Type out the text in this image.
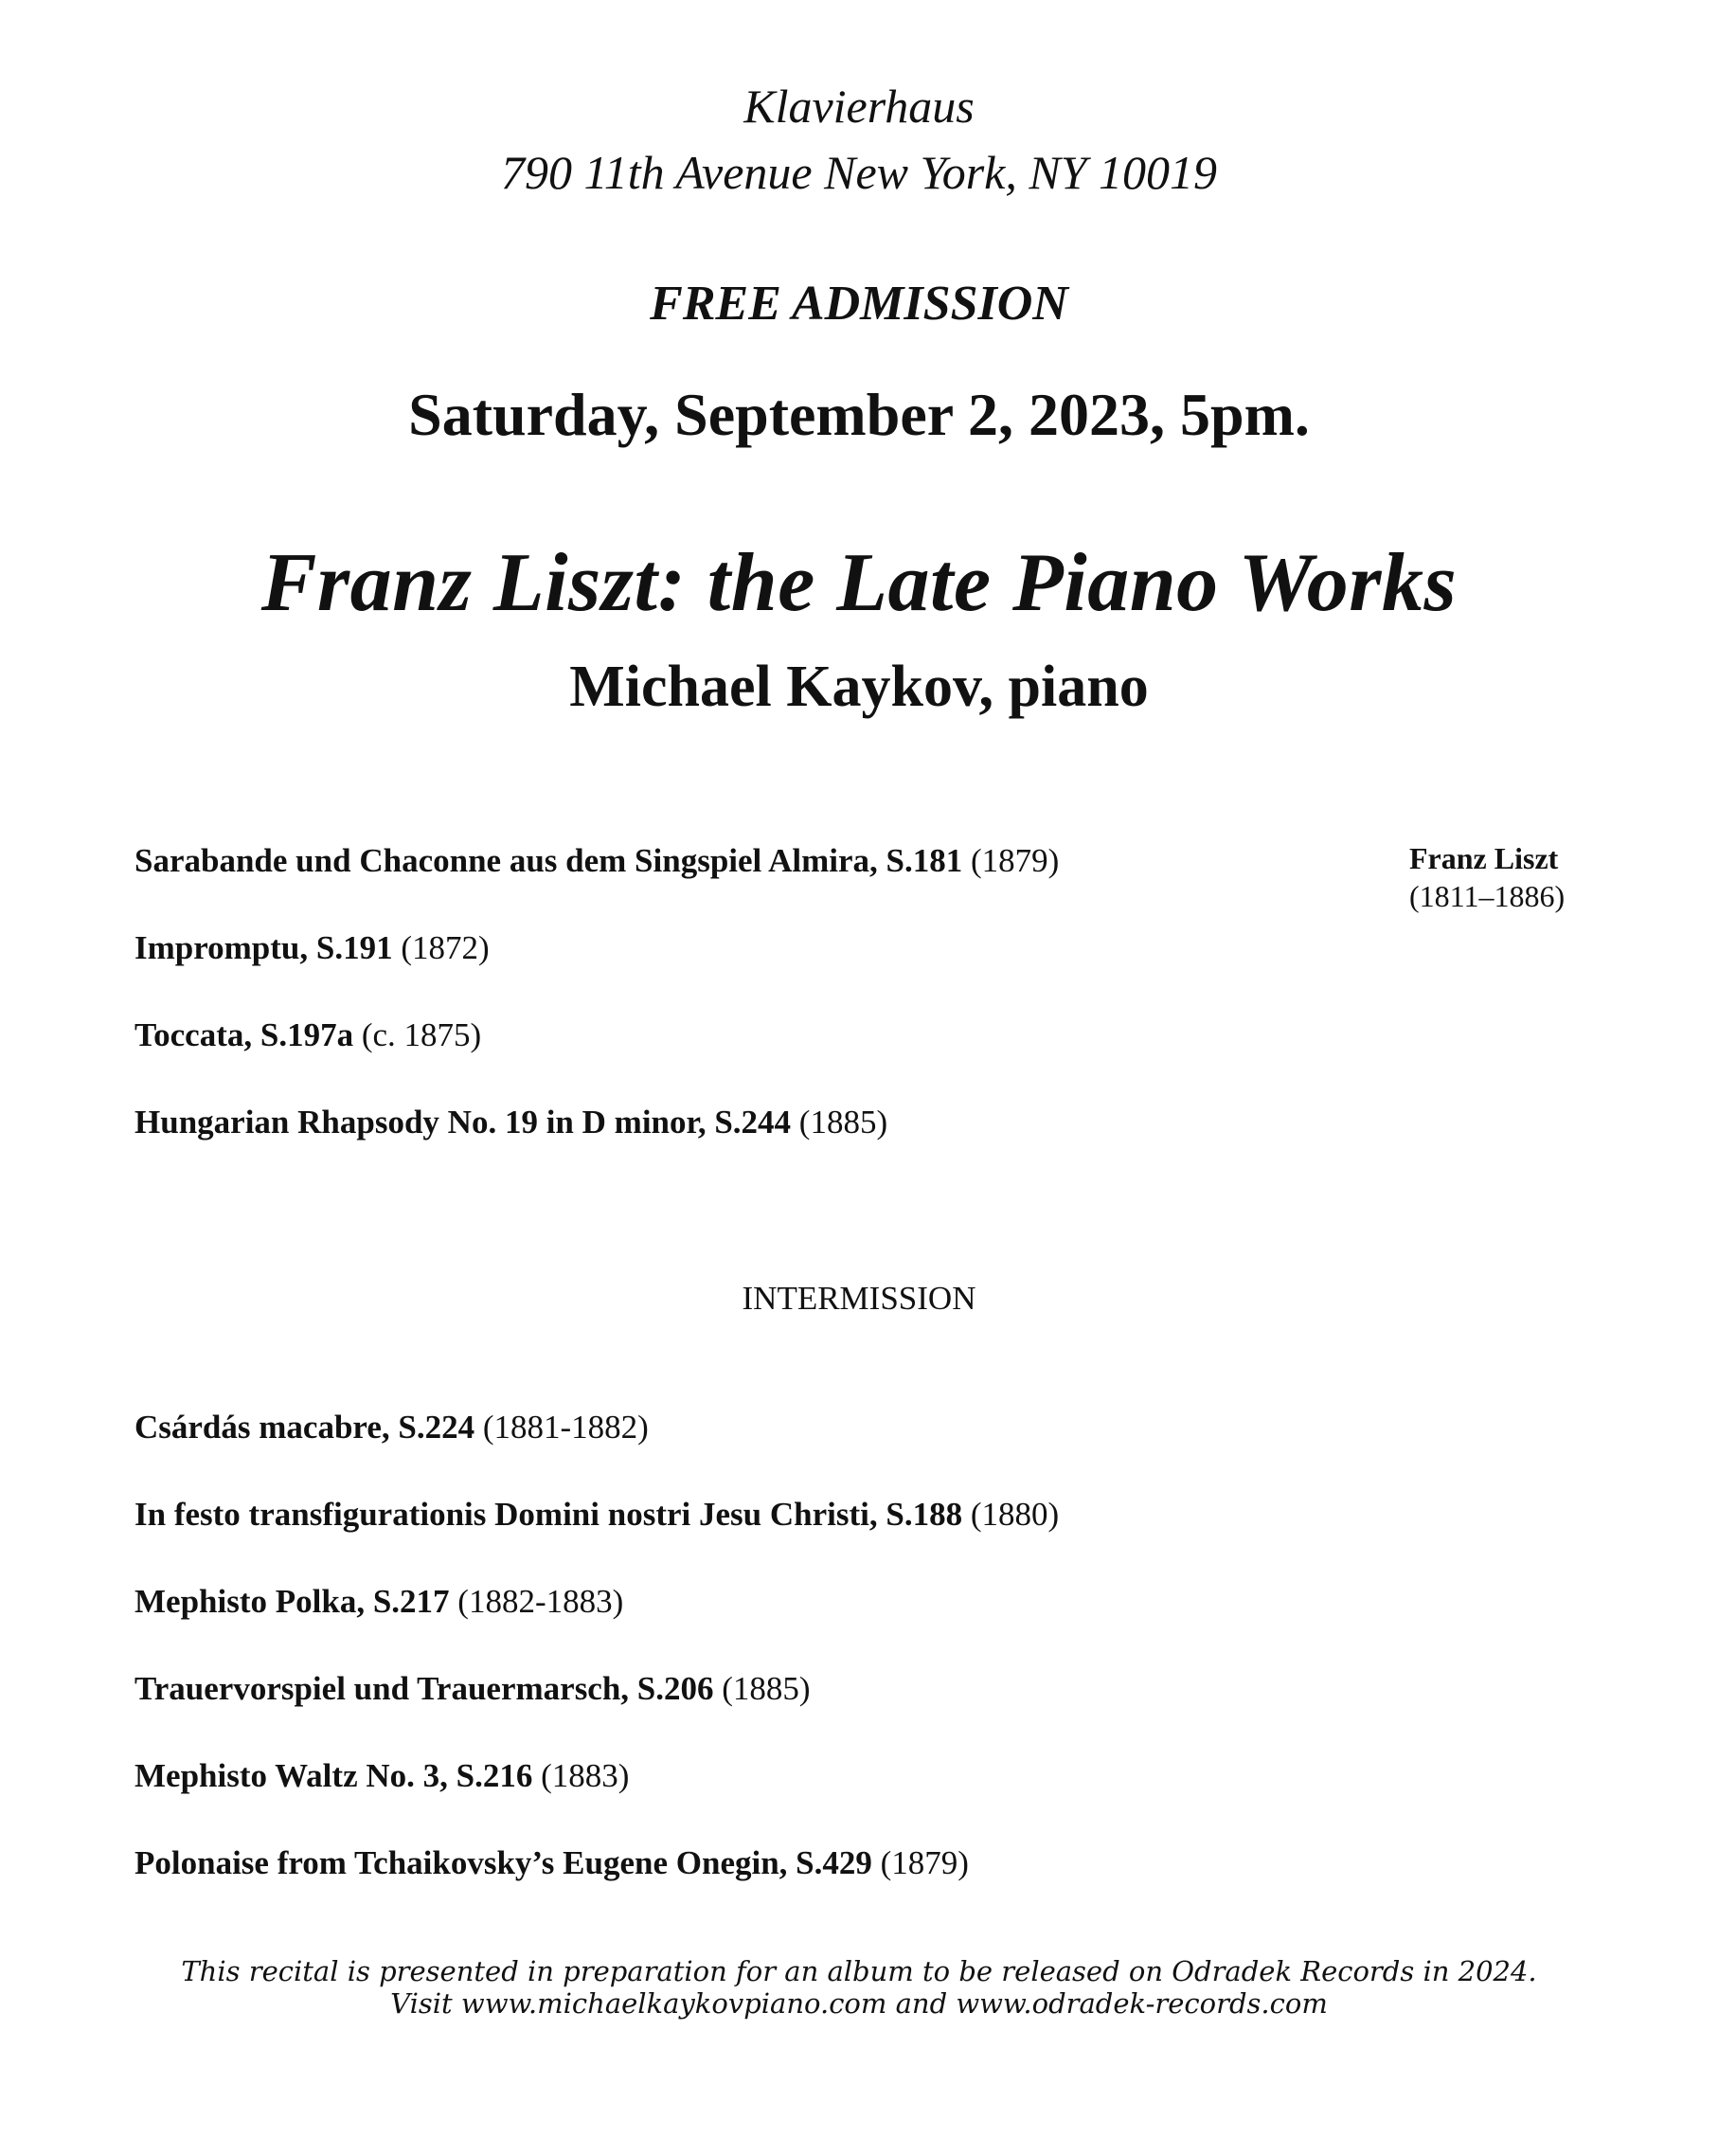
Klavierhaus
790 11th Avenue New York, NY 10019
FREE ADMISSION
Saturday, September 2, 2023, 5pm.
Franz Liszt: the Late Piano Works
Michael Kaykov, piano
Sarabande und Chaconne aus dem Singspiel Almira, S.181 (1879)
Impromptu, S.191 (1872)
Toccata, S.197a (c. 1875)
Hungarian Rhapsody No. 19 in D minor, S.244 (1885)
Franz Liszt
(1811–1886)
INTERMISSION
Csárdás macabre, S.224 (1881-1882)
In festo transfigurationis Domini nostri Jesu Christi, S.188 (1880)
Mephisto Polka, S.217 (1882-1883)
Trauervorspiel und Trauermarsch, S.206 (1885)
Mephisto Waltz No. 3, S.216 (1883)
Polonaise from Tchaikovsky’s Eugene Onegin, S.429 (1879)
This recital is presented in preparation for an album to be released on Odradek Records in 2024.
Visit www.michaelkaykovpiano.com and www.odradek-records.com
